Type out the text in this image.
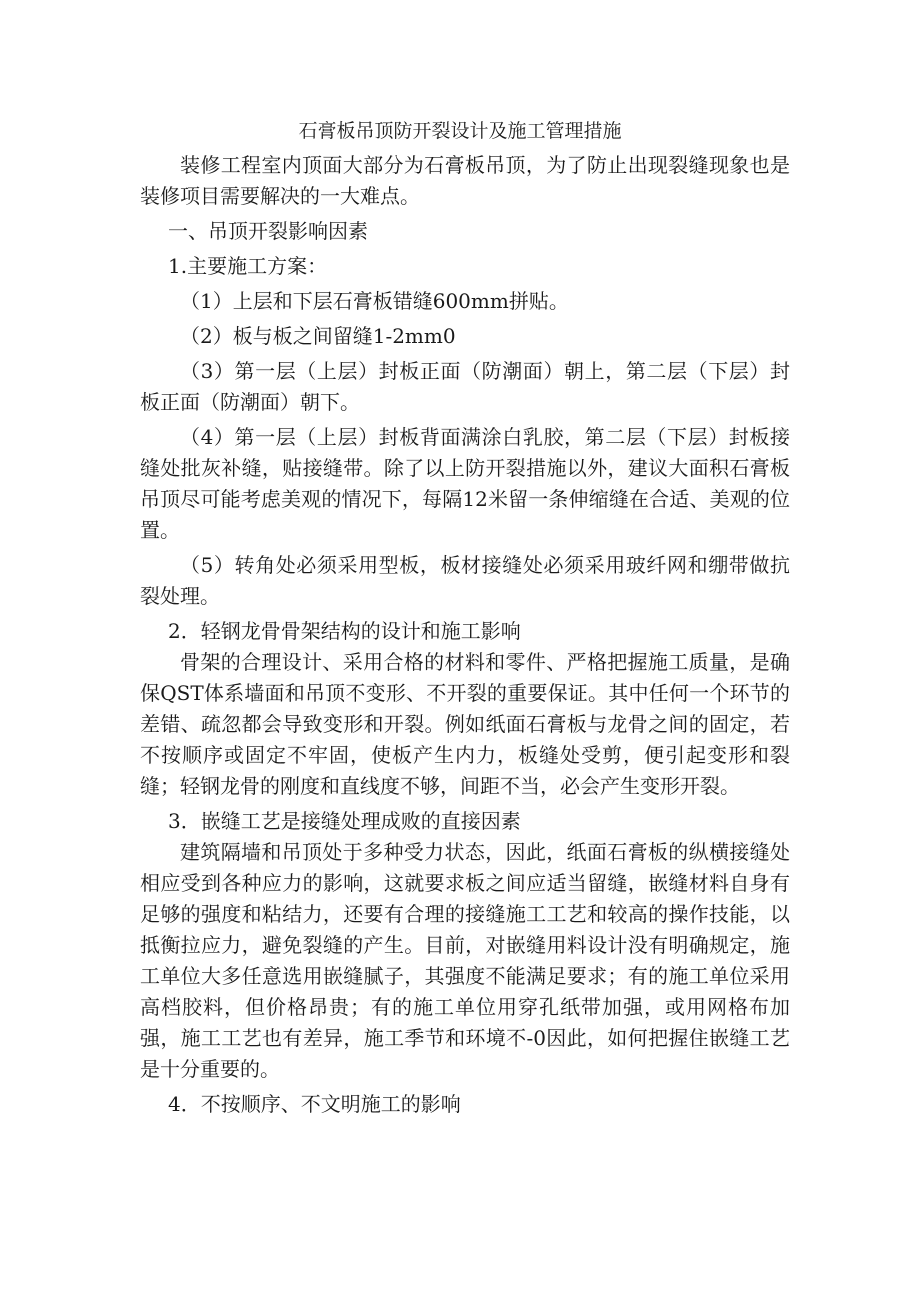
石膏板吊顶防开裂设计及施工管理措施

装修工程室内顶面大部分为石膏板吊顶，为了防止出现裂缝现象也是装修项目需要解决的一大难点。

一、吊顶开裂影响因素

1.主要施工方案：

（1）上层和下层石膏板错缝600mm拼贴。

（2）板与板之间留缝1-2mm0

（3）第一层（上层）封板正面（防潮面）朝上，第二层（下层）封板正面（防潮面）朝下。

（4）第一层（上层）封板背面满涂白乳胶，第二层（下层）封板接缝处批灰补缝，贴接缝带。除了以上防开裂措施以外，建议大面积石膏板吊顶尽可能考虑美观的情况下，每隔12米留一条伸缩缝在合适、美观的位置。

（5）转角处必须采用型板，板材接缝处必须采用玻纤网和绷带做抗裂处理。

2．轻钢龙骨骨架结构的设计和施工影响

骨架的合理设计、采用合格的材料和零件、严格把握施工质量，是确保QST体系墙面和吊顶不变形、不开裂的重要保证。其中任何一个环节的差错、疏忽都会导致变形和开裂。例如纸面石膏板与龙骨之间的固定，若不按顺序或固定不牢固，使板产生内力，板缝处受剪，便引起变形和裂缝；轻钢龙骨的刚度和直线度不够，间距不当，必会产生变形开裂。

3．嵌缝工艺是接缝处理成败的直接因素

建筑隔墙和吊顶处于多种受力状态，因此，纸面石膏板的纵横接缝处相应受到各种应力的影响，这就要求板之间应适当留缝，嵌缝材料自身有足够的强度和粘结力，还要有合理的接缝施工工艺和较高的操作技能，以抵衡拉应力，避免裂缝的产生。目前，对嵌缝用料设计没有明确规定，施工单位大多任意选用嵌缝腻子，其强度不能满足要求；有的施工单位采用高档胶料，但价格昂贵；有的施工单位用穿孔纸带加强，或用网格布加强，施工工艺也有差异，施工季节和环境不-0因此，如何把握住嵌缝工艺是十分重要的。

4．不按顺序、不文明施工的影响
